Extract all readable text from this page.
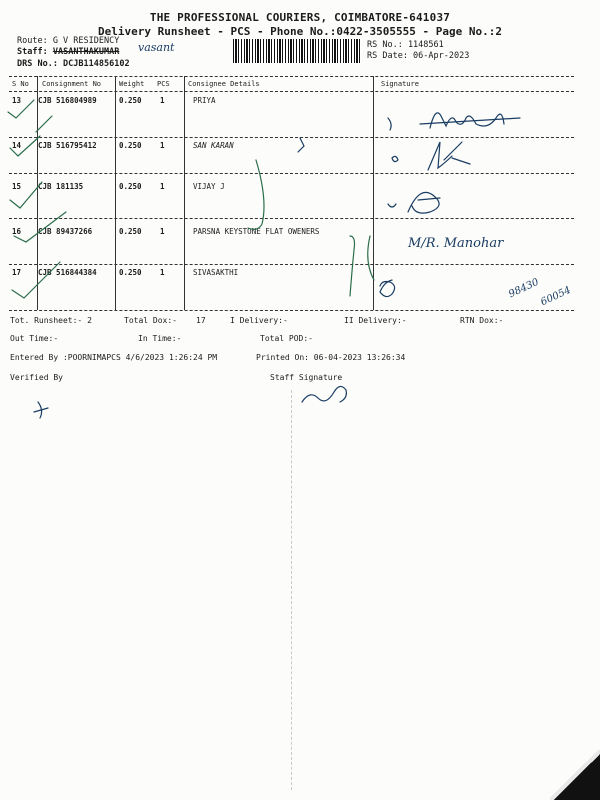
THE PROFESSIONAL COURIERS, COIMBATORE-641037
Delivery Runsheet - PCS - Phone No.:0422-3505555 - Page No.:2
Route: G V RESIDENCY
Staff: VASANTHAKUMAR vasant
DRS No.: DCJB114856102
RS No.: 1148561
RS Date: 06-Apr-2023
S No Consignment No	Weight PCS	Consignee Details	Signature
13 CJB 516804989	0.250 1	PRIYA
14 CJB 516795412	0.250 1	SAN KARAN
15 CJB 181135	0.250 1	VIJAY J
16 CJB 89437266	0.250 1	PARSNA KEYSTONE FLAT OWENERS
17 CJB 516844384	0.250 1	SIVASAKTHI
M/R. Manohar
98430
60054
Tot. Runsheet:- 2	Total Dox:- 17	I Delivery:-	II Delivery:-	RTN Dox:-
Out Time:-	In Time:-	Total POD:-
Entered By :POORNIMAPCS 4/6/2023 1:26:24 PM	Printed On: 06-04-2023 13:26:34
Verified By	Staff Signature
